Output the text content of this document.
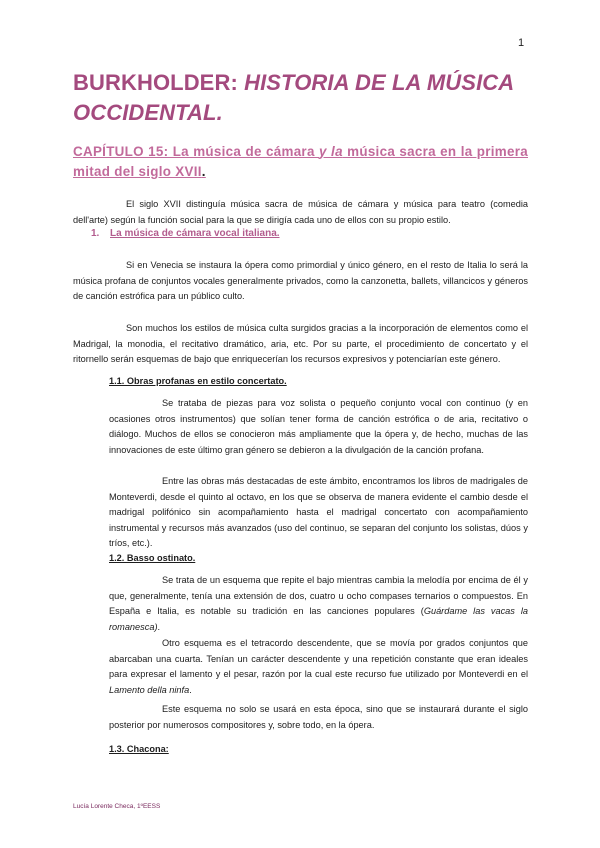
1
BURKHOLDER: HISTORIA DE LA MÚSICA
OCCIDENTAL.
CAPÍTULO 15: La música de cámara y la música sacra en la primera mitad del siglo XVII.

El siglo XVII distinguía música sacra de música de cámara y música para teatro (comedia dell'arte) según la función social para la que se dirigía cada uno de ellos con su propio estilo.

1. La música de cámara vocal italiana.

Si en Venecia se instaura la ópera como primordial y único género, en el resto de Italia lo será la música profana de conjuntos vocales generalmente privados, como la canzonetta, ballets, villancicos y géneros de canción estrófica para un público culto.

Son muchos los estilos de música culta surgidos gracias a la incorporación de elementos como el Madrigal, la monodia, el recitativo dramático, aria, etc. Por su parte, el procedimiento de concertato y el ritornello serán esquemas de bajo que enriquecerían los recursos expresivos y potenciarían este género.

1.1. Obras profanas en estilo concertato.

Se trataba de piezas para voz solista o pequeño conjunto vocal con continuo (y en ocasiones otros instrumentos) que solían tener forma de canción estrófica o de aria, recitativo o diálogo. Muchos de ellos se conocieron más ampliamente que la ópera y, de hecho, muchas de las innovaciones de este último gran género se debieron a la divulgación de la canción profana.

Entre las obras más destacadas de este ámbito, encontramos los libros de madrigales de Monteverdi, desde el quinto al octavo, en los que se observa de manera evidente el cambio desde el madrigal polifónico sin acompañamiento hasta el madrigal concertato con acompañamiento instrumental y recursos más avanzados (uso del continuo, se separan del conjunto los solistas, dúos y tríos, etc.).

1.2. Basso ostinato.

Se trata de un esquema que repite el bajo mientras cambia la melodía por encima de él y que, generalmente, tenía una extensión de dos, cuatro u ocho compases ternarios o compuestos. En España e Italia, es notable su tradición en las canciones populares (Guárdame las vacas la romanesca).

Otro esquema es el tetracordo descendente, que se movía por grados conjuntos que abarcaban una cuarta. Tenían un carácter descendente y una repetición constante que eran ideales para expresar el lamento y el pesar, razón por la cual este recurso fue utilizado por Monteverdi en el Lamento della ninfa.

Este esquema no solo se usará en esta época, sino que se instaurará durante el siglo posterior por numerosos compositores y, sobre todo, en la ópera.

1.3. Chacona:
Lucía Lorente Checa, 1ºEESS
